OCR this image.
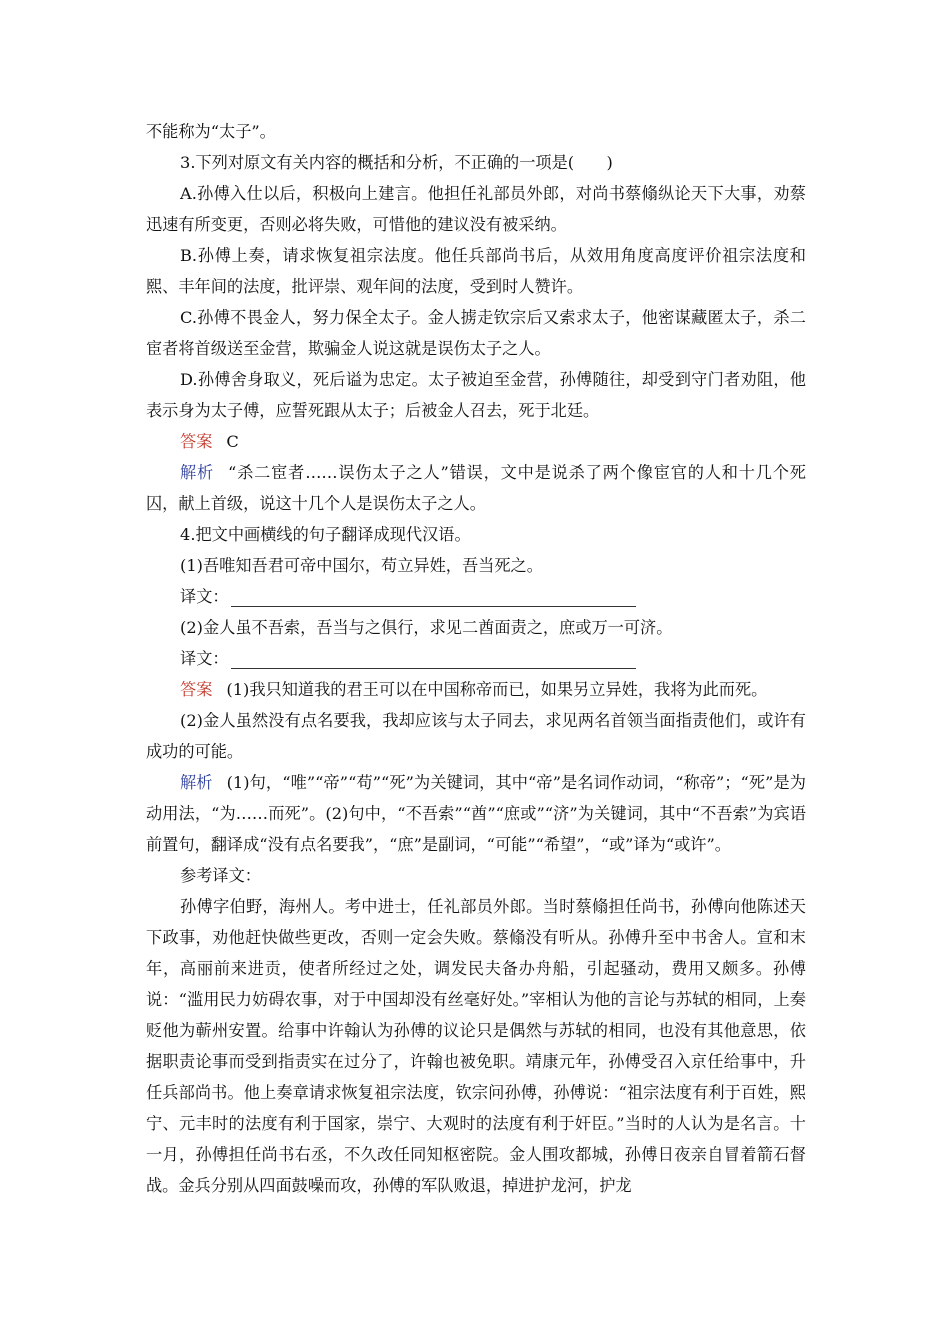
不能称为“太子”。

3.下列对原文有关内容的概括和分析，不正确的一项是(　　)

A.孙傅入仕以后，积极向上建言。他担任礼部员外郎，对尚书蔡翛纵论天下大事，劝蔡迅速有所变更，否则必将失败，可惜他的建议没有被采纳。

B.孙傅上奏，请求恢复祖宗法度。他任兵部尚书后，从效用角度高度评价祖宗法度和熙、丰年间的法度，批评崇、观年间的法度，受到时人赞许。

C.孙傅不畏金人，努力保全太子。金人掳走钦宗后又索求太子，他密谋藏匿太子，杀二宦者将首级送至金营，欺骗金人说这就是误伤太子之人。

D.孙傅舍身取义，死后谥为忠定。太子被迫至金营，孙傅随往，却受到守门者劝阻，他表示身为太子傅，应誓死跟从太子；后被金人召去，死于北廷。

答案 C

解析 “杀二宦者……误伤太子之人”错误，文中是说杀了两个像宦官的人和十几个死囚，献上首级，说这十几个人是误伤太子之人。

4.把文中画横线的句子翻译成现代汉语。

(1)吾唯知吾君可帝中国尔，苟立异姓，吾当死之。

译文：

(2)金人虽不吾索，吾当与之俱行，求见二酋面责之，庶或万一可济。

译文：

答案 (1)我只知道我的君王可以在中国称帝而已，如果另立异姓，我将为此而死。

(2)金人虽然没有点名要我，我却应该与太子同去，求见两名首领当面指责他们，或许有成功的可能。

解析 (1)句，“唯”“帝”“苟”“死”为关键词，其中“帝”是名词作动词，“称帝”；“死”是为动用法，“为……而死”。(2)句中，“不吾索”“酋”“庶或”“济”为关键词，其中“不吾索”为宾语前置句，翻译成“没有点名要我”，“庶”是副词，“可能”“希望”，“或”译为“或许”。

参考译文：

孙傅字伯野，海州人。考中进士，任礼部员外郎。当时蔡翛担任尚书，孙傅向他陈述天下政事，劝他赶快做些更改，否则一定会失败。蔡翛没有听从。孙傅升至中书舍人。宣和末年，高丽前来进贡，使者所经过之处，调发民夫备办舟船，引起骚动，费用又颇多。孙傅说：“滥用民力妨碍农事，对于中国却没有丝毫好处。”宰相认为他的言论与苏轼的相同，上奏贬他为蕲州安置。给事中许翰认为孙傅的议论只是偶然与苏轼的相同，也没有其他意思，依据职责论事而受到指责实在过分了，许翰也被免职。靖康元年，孙傅受召入京任给事中，升任兵部尚书。他上奏章请求恢复祖宗法度，钦宗问孙傅，孙傅说：“祖宗法度有利于百姓，熙宁、元丰时的法度有利于国家，崇宁、大观时的法度有利于奸臣。”当时的人认为是名言。十一月，孙傅担任尚书右丞，不久改任同知枢密院。金人围攻都城，孙傅日夜亲自冒着箭石督战。金兵分别从四面鼓噪而攻，孙傅的军队败退，掉进护龙河，护龙
